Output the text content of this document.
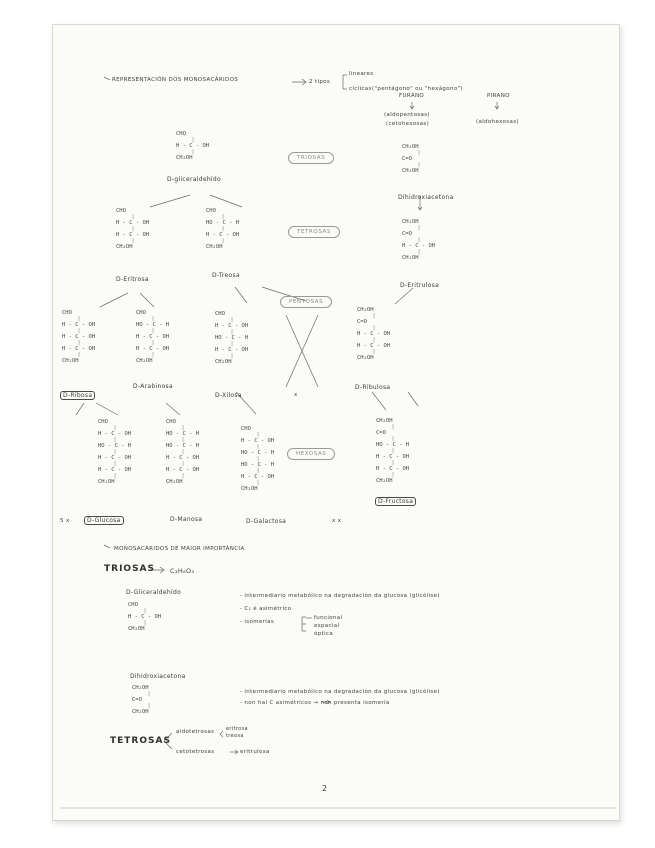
REPRESENTACIÓN DOS MONOSACÁRIDOS	2 tipos
lineares
cíclicas ("pentágono" ou "hexágono")
FURANO	PIRANO
(aldopentosas)
(cetohexosas)	(aldohexosas)
TRIOSAS
TETROSAS
PENTOSAS
HEXOSAS
CHO
|
H - C - OH
|
CH₂OH
D-gliceraldehído
CHO
|
H - C - OH
|
H - C - OH
|
CH₂OH
D-Eritrosa
CHO
|
HO - C - H
|
H - C - OH
|
CH₂OH
D-Treosa
CHO
|
H - C - OH
|
H - C - OH
|
H - C - OH
|
CH₂OH
D-Ribosa
CHO
|
HO - C - H
|
H - C - OH
|
H - C - OH
|
CH₂OH
D-Arabinosa
CHO
|
H - C - OH
|
HO - C - H
|
H - C - OH
|
CH₂OH
D-Xilosa
CHO
|
H - C - OH
|
HO - C - H
|
H - C - OH
|
H - C - OH
|
CH₂OH
D-Glucosa
CHO
|
HO - C - H
|
HO - C - H
|
H - C - OH
|
H - C - OH
|
CH₂OH
D-Manosa
CHO
|
H - C - OH
|
HO - C - H
|
HO - C - H
|
H - C - OH
|
CH₂OH
D-Galactosa
CH₂OH
|
C=O
|
CH₂OH
Dihidroxiacetona
CH₂OH
|
C=O
|
H - C - OH
|
CH₂OH
D-Eritrulosa
CH₂OH
|
C=O
|
H - C - OH
|
H - C - OH
|
CH₂OH
D-Ribulosa
CH₂OH
|
C=O
|
HO - C - H
|
H - C - OH
|
H - C - OH
|
CH₂OH
D-Fructosa
x x
5 x
x
MONOSACÁRIDOS DE MAIOR IMPORTÁNCIA
TRIOSAS C₃H₆O₃
D-Gliceraldehído
CHO
|
H - C - OH
|
CH₂OH
- intermediario metabólico na degradación da glucosa (glicólise)
- C₁ é asimétrico
- isomerías
funcional
espacial
óptica
Dihidroxiacetona
CH₂OH
|
C=O
|
CH₂OH
- intermediario metabólico na degradación da glucosa (glicólise)
- non hai C asimétricos → non presenta isomería
TETROSAS
aldotetrosas eritrosa
treosa
cetotetrosas	eritrulosa
2
